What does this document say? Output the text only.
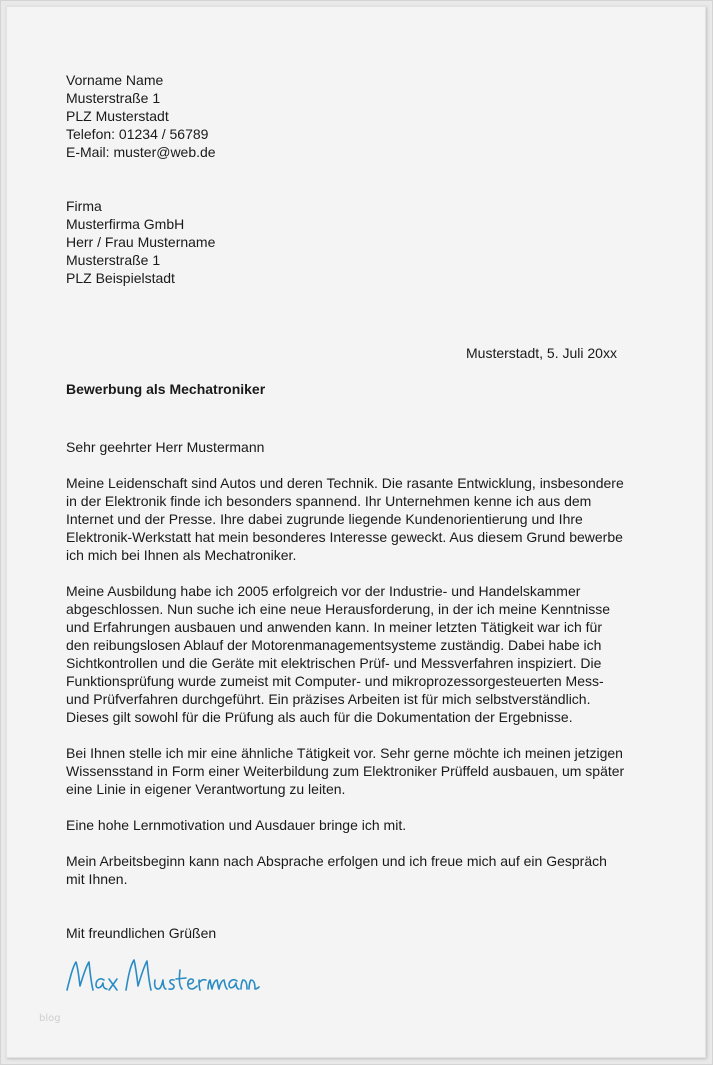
Vorname Name
Musterstraße 1
PLZ Musterstadt
Telefon: 01234 / 56789
E-Mail: muster@web.de
Firma
Musterfirma GmbH
Herr / Frau Mustername
Musterstraße 1
PLZ Beispielstadt
Musterstadt, 5. Juli 20xx
Bewerbung als Mechatroniker
Sehr geehrter Herr Mustermann
Meine Leidenschaft sind Autos und deren Technik. Die rasante Entwicklung, insbesondere
in der Elektronik finde ich besonders spannend. Ihr Unternehmen kenne ich aus dem
Internet und der Presse. Ihre dabei zugrunde liegende Kundenorientierung und Ihre
Elektronik-Werkstatt hat mein besonderes Interesse geweckt. Aus diesem Grund bewerbe
ich mich bei Ihnen als Mechatroniker.
Meine Ausbildung habe ich 2005 erfolgreich vor der Industrie- und Handelskammer
abgeschlossen. Nun suche ich eine neue Herausforderung, in der ich meine Kenntnisse
und Erfahrungen ausbauen und anwenden kann. In meiner letzten Tätigkeit war ich für
den reibungslosen Ablauf der Motorenmanagementsysteme zuständig. Dabei habe ich
Sichtkontrollen und die Geräte mit elektrischen Prüf- und Messverfahren inspiziert. Die
Funktionsprüfung wurde zumeist mit Computer- und mikroprozessorgesteuerten Mess-
und Prüfverfahren durchgeführt. Ein präzises Arbeiten ist für mich selbstverständlich.
Dieses gilt sowohl für die Prüfung als auch für die Dokumentation der Ergebnisse.
Bei Ihnen stelle ich mir eine ähnliche Tätigkeit vor. Sehr gerne möchte ich meinen jetzigen
Wissensstand in Form einer Weiterbildung zum Elektroniker Prüffeld ausbauen, um später
eine Linie in eigener Verantwortung zu leiten.
Eine hohe Lernmotivation und Ausdauer bringe ich mit.
Mein Arbeitsbeginn kann nach Absprache erfolgen und ich freue mich auf ein Gespräch
mit Ihnen.
Mit freundlichen Grüßen
blog
